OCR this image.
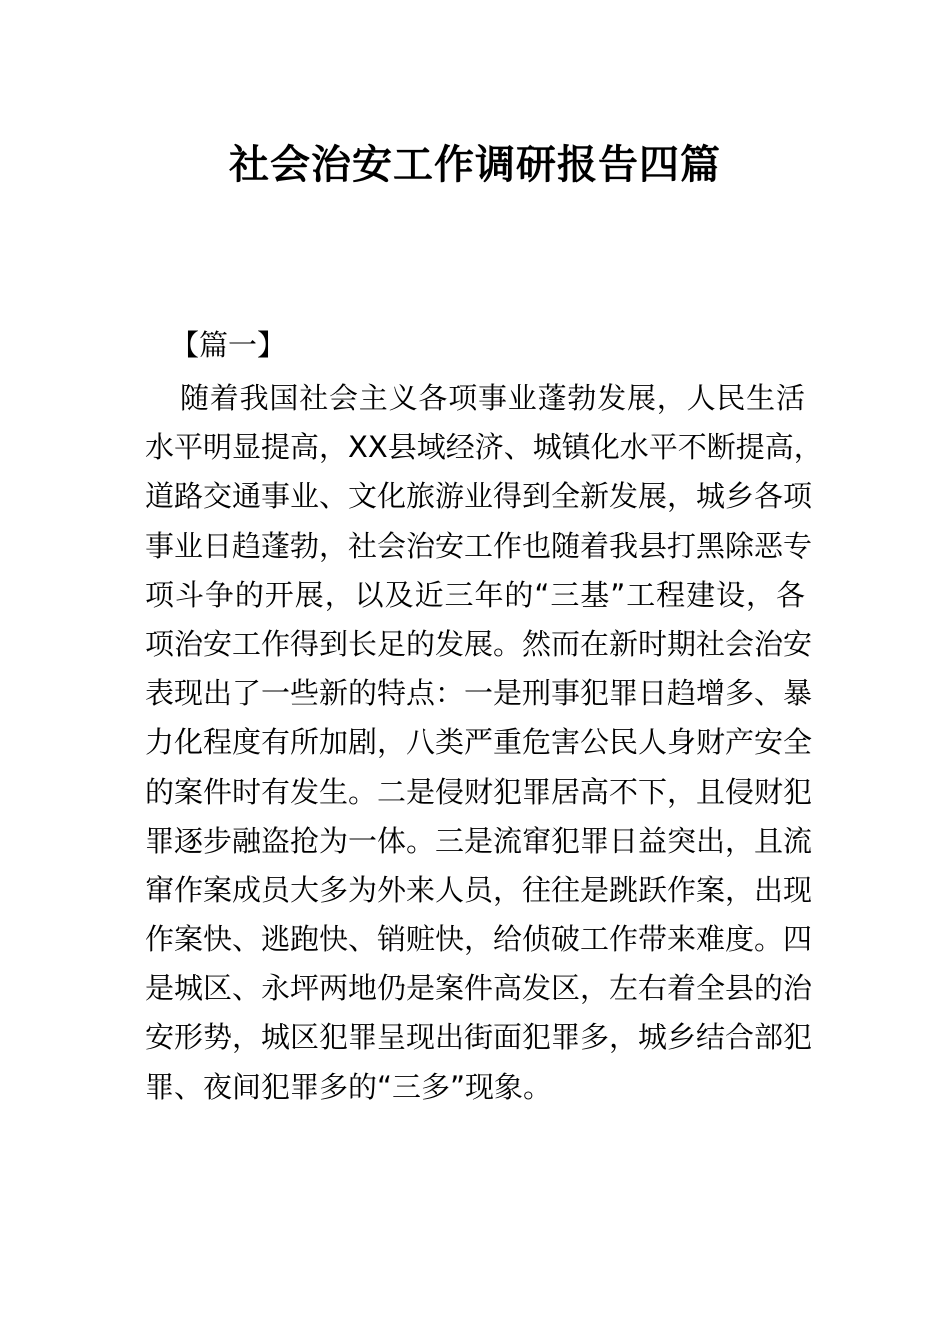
社会治安工作调研报告四篇

【篇一】

随着我国社会主义各项事业蓬勃发展，人民生活
水平明显提高，XX县域经济、城镇化水平不断提高，
道路交通事业、文化旅游业得到全新发展，城乡各项
事业日趋蓬勃，社会治安工作也随着我县打黑除恶专
项斗争的开展，以及近三年的“三基”工程建设，各
项治安工作得到长足的发展。然而在新时期社会治安
表现出了一些新的特点：一是刑事犯罪日趋增多、暴
力化程度有所加剧，八类严重危害公民人身财产安全
的案件时有发生。二是侵财犯罪居高不下，且侵财犯
罪逐步融盗抢为一体。三是流窜犯罪日益突出，且流
窜作案成员大多为外来人员，往往是跳跃作案，出现
作案快、逃跑快、销赃快，给侦破工作带来难度。四
是城区、永坪两地仍是案件高发区，左右着全县的治
安形势，城区犯罪呈现出街面犯罪多，城乡结合部犯
罪、夜间犯罪多的“三多”现象。
